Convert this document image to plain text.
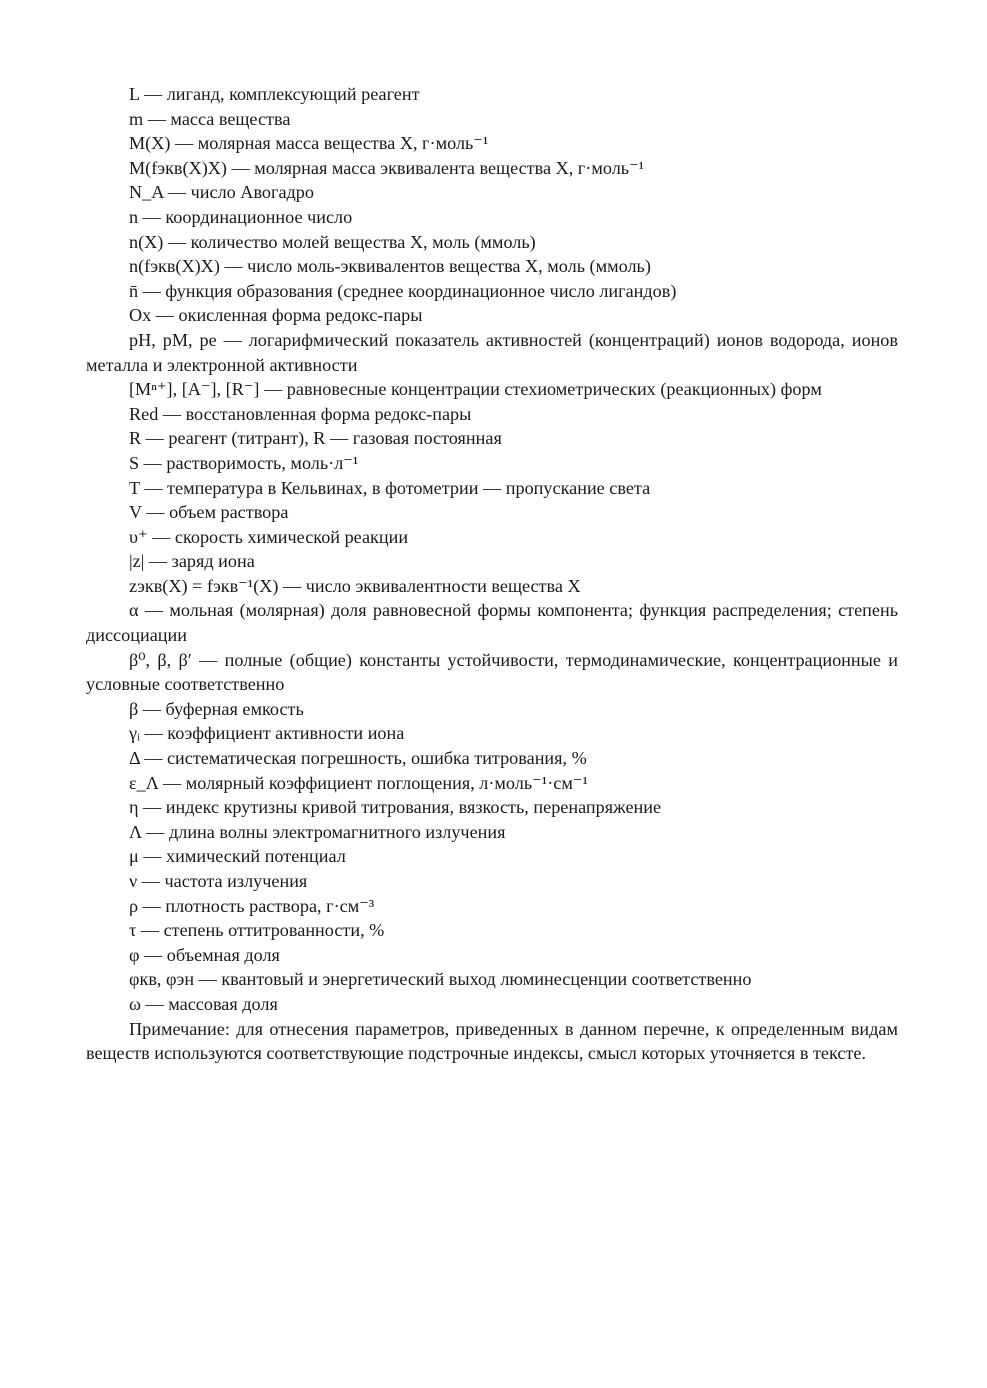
L — лиганд, комплексующий реагент

m — масса вещества

M(X) — молярная масса вещества X, г·моль⁻¹

M(fэкв(X)X) — молярная масса эквивалента вещества X, г·моль⁻¹

N_A — число Авогадро

n — координационное число

n(X) — количество молей вещества X, моль (ммоль)

n(fэкв(X)X) — число моль-эквивалентов вещества X, моль (ммоль)

n̄ — функция образования (среднее координационное число лигандов)

Ox — окисленная форма редокс-пары

pH, pM, pe — логарифмический показатель активностей (концентраций) ионов водорода, ионов металла и электронной активности

[Mⁿ⁺], [A⁻], [R⁻] — равновесные концентрации стехиометрических (реакционных) форм

Red — восстановленная форма редокс-пары

R — реагент (титрант), R — газовая постоянная

S — растворимость, моль·л⁻¹

T — температура в Кельвинах, в фотометрии — пропускание света

V — объем раствора

υ⁺ — скорость химической реакции

|z| — заряд иона

zэкв(X) = fэкв⁻¹(X) — число эквивалентности вещества X

α — мольная (молярная) доля равновесной формы компонента; функция распределения; степень диссоциации

β⁰, β, β′ — полные (общие) константы устойчивости, термодинамические, концентрационные и условные соответственно

β — буферная емкость

γᵢ — коэффициент активности иона

Δ — систематическая погрешность, ошибка титрования, %

ε_Λ — молярный коэффициент поглощения, л·моль⁻¹·см⁻¹

η — индекс крутизны кривой титрования, вязкость, перенапряжение

Λ — длина волны электромагнитного излучения

μ — химический потенциал

ν — частота излучения

ρ — плотность раствора, г·см⁻³

τ — степень оттитрованности, %

φ — объемная доля

φкв, φэн — квантовый и энергетический выход люминесценции соответственно

ω — массовая доля

Примечание: для отнесения параметров, приведенных в данном перечне, к определенным видам веществ используются соответствующие подстрочные индексы, смысл которых уточняется в тексте.
